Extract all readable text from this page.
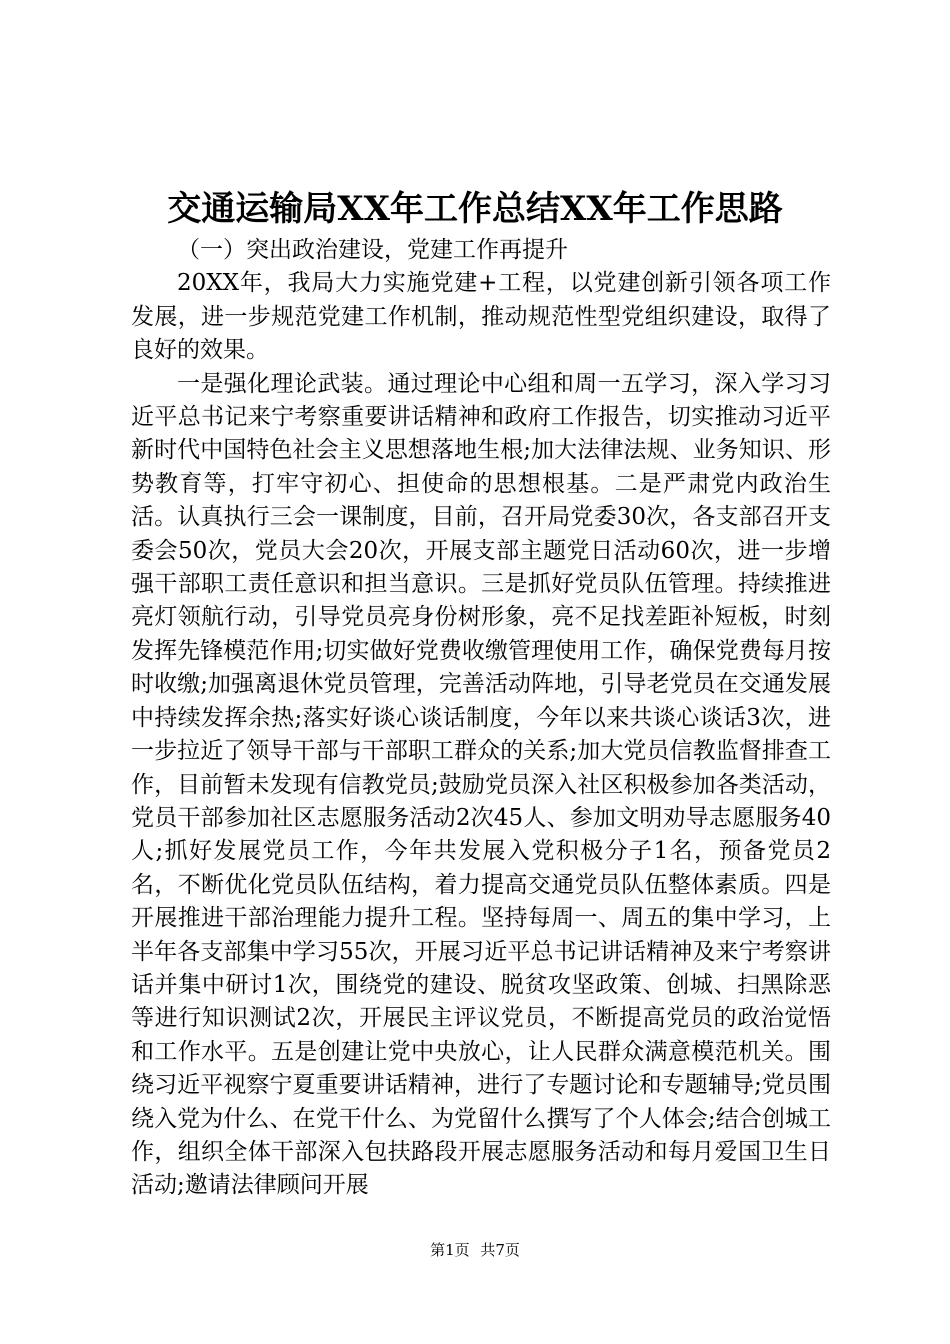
交通运输局XX年工作总结XX年工作思路

（一）突出政治建设，党建工作再提升

20XX年，我局大力实施党建+工程，以党建创新引领各项工作发展，进一步规范党建工作机制，推动规范性型党组织建设，取得了良好的效果。

一是强化理论武装。通过理论中心组和周一五学习，深入学习习近平总书记来宁考察重要讲话精神和政府工作报告，切实推动习近平新时代中国特色社会主义思想落地生根;加大法律法规、业务知识、形势教育等，打牢守初心、担使命的思想根基。二是严肃党内政治生活。认真执行三会一课制度，目前，召开局党委30次，各支部召开支委会50次，党员大会20次，开展支部主题党日活动60次，进一步增强干部职工责任意识和担当意识。三是抓好党员队伍管理。持续推进亮灯领航行动，引导党员亮身份树形象，亮不足找差距补短板，时刻发挥先锋模范作用;切实做好党费收缴管理使用工作，确保党费每月按时收缴;加强离退休党员管理，完善活动阵地，引导老党员在交通发展中持续发挥余热;落实好谈心谈话制度，今年以来共谈心谈话3次，进一步拉近了领导干部与干部职工群众的关系;加大党员信教监督排查工作，目前暂未发现有信教党员;鼓励党员深入社区积极参加各类活动，党员干部参加社区志愿服务活动2次45人、参加文明劝导志愿服务40人;抓好发展党员工作，今年共发展入党积极分子1名，预备党员2名，不断优化党员队伍结构，着力提高交通党员队伍整体素质。四是开展推进干部治理能力提升工程。坚持每周一、周五的集中学习，上半年各支部集中学习55次，开展习近平总书记讲话精神及来宁考察讲话并集中研讨1次，围绕党的建设、脱贫攻坚政策、创城、扫黑除恶等进行知识测试2次，开展民主评议党员，不断提高党员的政治觉悟和工作水平。五是创建让党中央放心，让人民群众满意模范机关。围绕习近平视察宁夏重要讲话精神，进行了专题讨论和专题辅导;党员围绕入党为什么、在党干什么、为党留什么撰写了个人体会;结合创城工作，组织全体干部深入包扶路段开展志愿服务活动和每月爱国卫生日活动;邀请法律顾问开展

第1页 共7页
